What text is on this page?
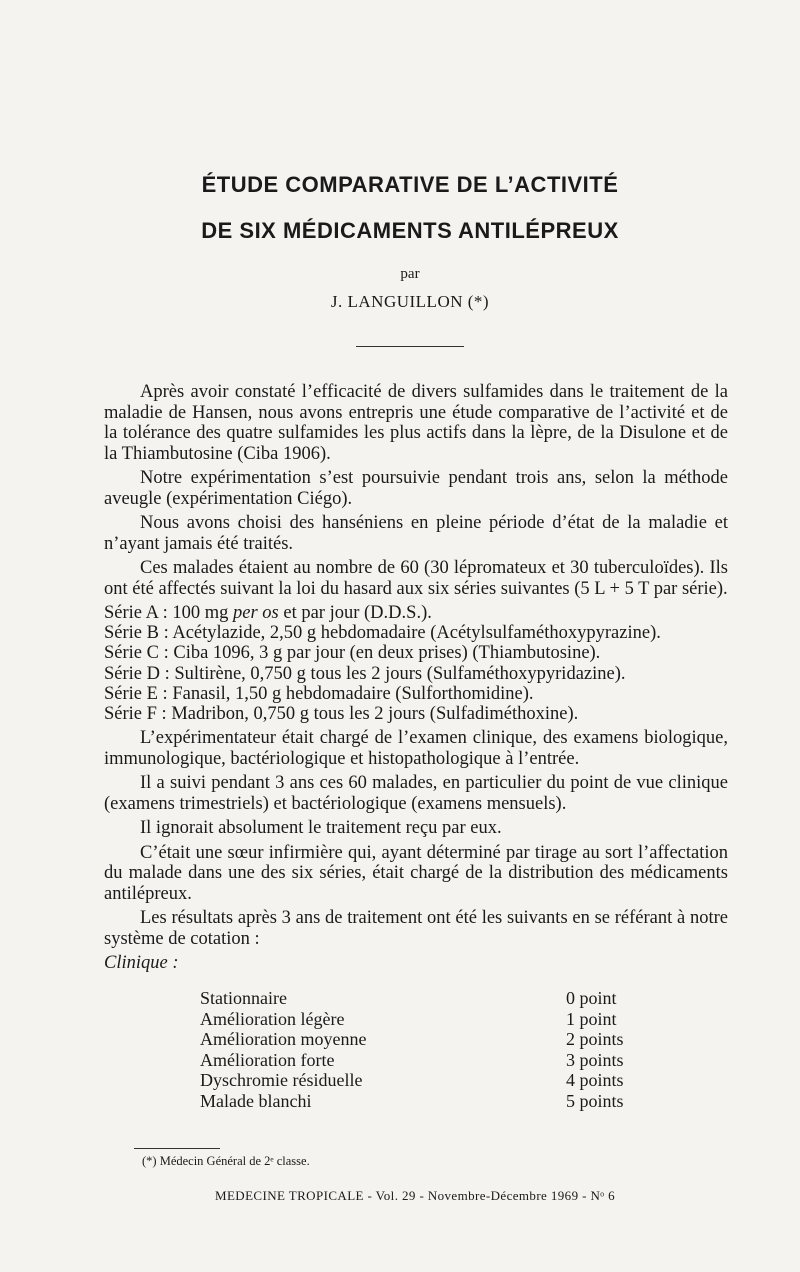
ÉTUDE COMPARATIVE DE L’ACTIVITÉ
DE SIX MÉDICAMENTS ANTILÉPREUX
par
J. LANGUILLON (*)

Après avoir constaté l’efficacité de divers sulfamides dans le traitement de la maladie de Hansen, nous avons entrepris une étude comparative de l’activité et de la tolérance des quatre sulfamides les plus actifs dans la lèpre, de la Disulone et de la Thiambutosine (Ciba 1906).

Notre expérimentation s’est poursuivie pendant trois ans, selon la méthode aveugle (expérimentation Ciégo).

Nous avons choisi des hanséniens en pleine période d’état de la maladie et n’ayant jamais été traités.

Ces malades étaient au nombre de 60 (30 lépromateux et 30 tuberculoïdes). Ils ont été affectés suivant la loi du hasard aux six séries suivantes (5 L + 5 T par série).

Série A : 100 mg per os et par jour (D.D.S.).
Série B : Acétylazide, 2,50 g hebdomadaire (Acétylsulfaméthoxypyrazine).
Série C : Ciba 1096, 3 g par jour (en deux prises) (Thiambutosine).
Série D : Sultirène, 0,750 g tous les 2 jours (Sulfaméthoxypyridazine).
Série E : Fanasil, 1,50 g hebdomadaire (Sulforthomidine).
Série F : Madribon, 0,750 g tous les 2 jours (Sulfadiméthoxine).

L’expérimentateur était chargé de l’examen clinique, des examens biologique, immunologique, bactériologique et histopathologique à l’entrée.

Il a suivi pendant 3 ans ces 60 malades, en particulier du point de vue clinique (examens trimestriels) et bactériologique (examens mensuels).

Il ignorait absolument le traitement reçu par eux.

C’était une sœur infirmière qui, ayant déterminé par tirage au sort l’affectation du malade dans une des six séries, était chargé de la distribution des médicaments antilépreux.

Les résultats après 3 ans de traitement ont été les suivants en se référant à notre système de cotation :

Clinique :
Stationnaire	0 point
Amélioration légère	1 point
Amélioration moyenne	2 points
Amélioration forte	3 points
Dyschromie résiduelle	4 points
Malade blanchi	5 points
(*) Médecin Général de 2ᵉ classe.
MEDECINE TROPICALE - Vol. 29 - Novembre-Décembre 1969 - Nᵒ 6
